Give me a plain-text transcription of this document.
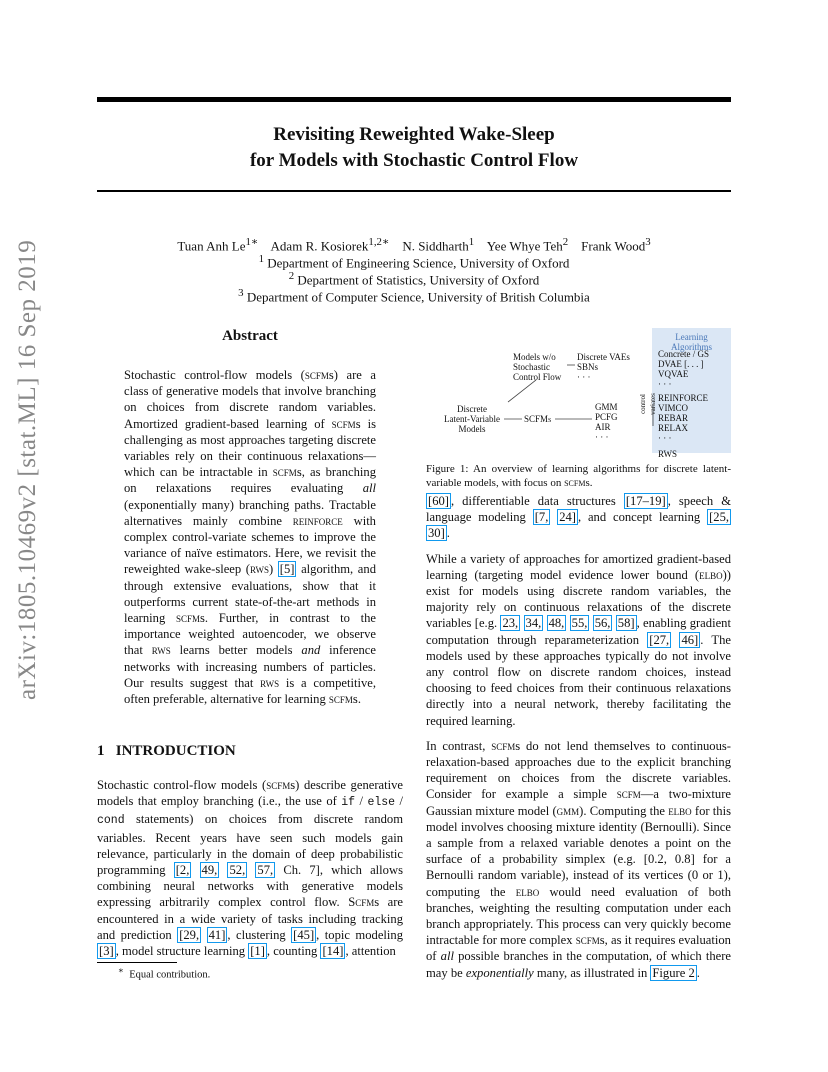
arXiv:1805.10469v2 [stat.ML] 16 Sep 2019
Revisiting Reweighted Wake-Sleep
for Models with Stochastic Control Flow
Tuan Anh $Le^{1∗}$ Adam R. Kosiorek$^{1,2∗}$ N. Siddharth$^1$ Yee Whye Teh$^2$ Frank Wood$^3$
$^1$ Department of Engineering Science, University of Oxford
$^2$ Department of Statistics, University of Oxford
$^3$ Department of Computer Science, University of British Columbia
Abstract

Stochastic control-flow models (scfms) are a class of generative models that involve branching on choices from discrete random variables. Amortized gradient-based learning of scfms is challenging as most approaches targeting discrete variables rely on their continuous relaxations—which can be intractable in scfms, as branching on relaxations requires evaluating all (exponentially many) branching paths. Tractable alternatives mainly combine reinforce with complex control-variate schemes to improve the variance of naïve estimators. Here, we revisit the reweighted wake-sleep (rws) [5] algorithm, and through extensive evaluations, show that it outperforms current state-of-the-art methods in learning scfms. Further, in contrast to the importance weighted autoencoder, we observe that rws learns better models and inference networks with increasing numbers of particles. Our results suggest that rws is a competitive, often preferable, alternative for learning scfms.

1 INTRODUCTION

Stochastic control-flow models (scfms) describe generative models that employ branching (i.e., the use of if / else / cond statements) on choices from discrete random variables. Recent years have seen such models gain relevance, particularly in the domain of deep probabilistic programming [2, 49, 52, 57, Ch. 7], which allows combining neural networks with generative models expressing arbitrarily complex control flow. Scfms are encountered in a wide variety of tasks including tracking and prediction [29, 41] , clustering [45] , topic modeling [3] , model structure learning [1] , counting [14] , attention

∗ Equal contribution.
Learning
Algorithms
Discrete
Latent-Variable
Models
Models w/o
Stochastic
Control Flow
Discrete VAEs
SBNs
· · ·
SCFMs
GMM
PCFG
AIR
· · ·
control variates
Concrete / GS
DVAE [. . . ]
VQVAE
· · ·
REINFORCE
VIMCO
REBAR
RELAX
· · ·
RWS
Figure 1: An overview of learning algorithms for discrete latent-variable models, with focus on scfms.

[60] , differentiable data structures [17–19] , speech & language modeling [7, 24] , and concept learning [25, 30] .

While a variety of approaches for amortized gradient-based learning (targeting model evidence lower bound (elbo)) exist for models using discrete random variables, the majority rely on continuous relaxations of the discrete variables [e.g. 23, 34, 48, 55, 56, 58] , enabling gradient computation through reparameterization [27, 46] . The models used by these approaches typically do not involve any control flow on discrete random choices, instead choosing to feed choices from their continuous relaxations directly into a neural network, thereby facilitating the required learning.

In contrast, scfms do not lend themselves to continuous-relaxation-based approaches due to the explicit branching requirement on choices from the discrete variables. Consider for example a simple scfm—a two-mixture Gaussian mixture model (gmm). Computing the elbo for this model involves choosing mixture identity (Bernoulli). Since a sample from a relaxed variable denotes a point on the surface of a probability simplex (e.g. [0.2, 0.8] for a Bernoulli random variable), instead of its vertices (0 or 1), computing the elbo would need evaluation of both branches, weighting the resulting computation under each branch appropriately. This process can very quickly become intractable for more complex scfms, as it requires evaluation of all possible branches in the computation, of which there may be exponentially many, as illustrated in Figure 2 .
